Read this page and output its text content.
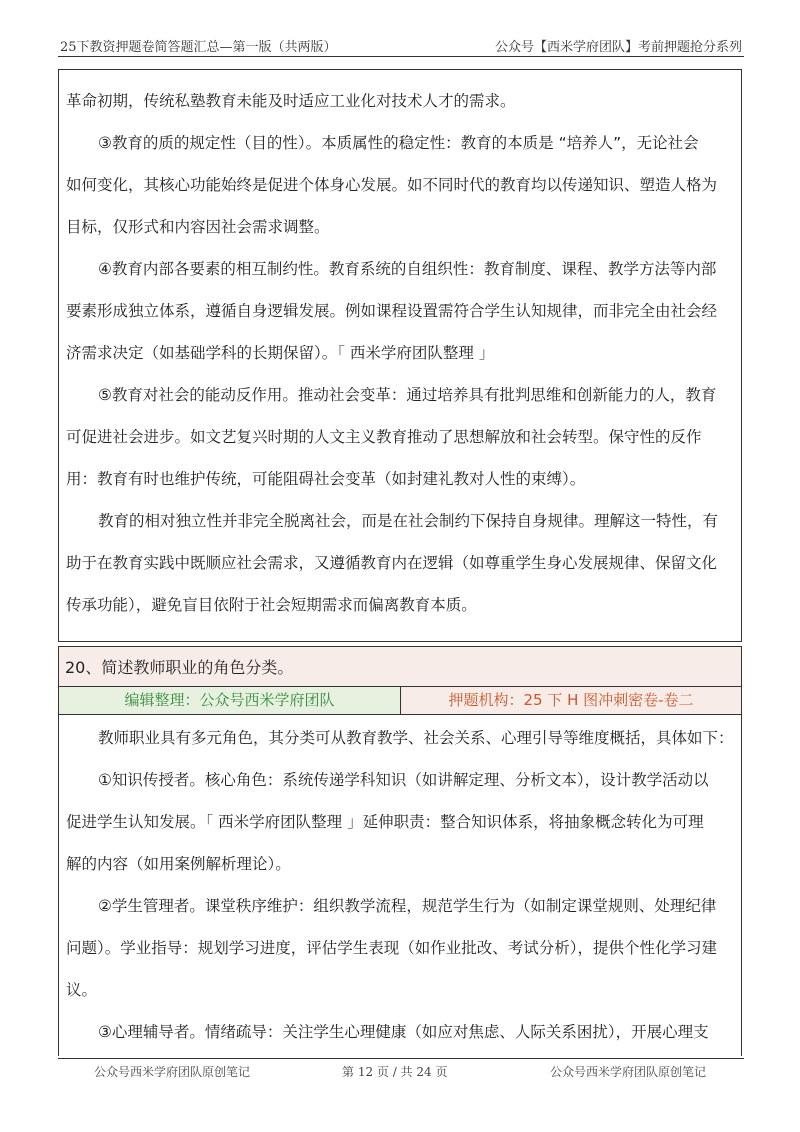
25下教资押题卷简答题汇总—第一版（共两版）	公众号【西米学府团队】考前押题抢分系列
革命初期，传统私塾教育未能及时适应工业化对技术人才的需求。
③教育的质的规定性（目的性）。本质属性的稳定性：教育的本质是 “培养人”，无论社会
如何变化，其核心功能始终是促进个体身心发展。如不同时代的教育均以传递知识、塑造人格为
目标，仅形式和内容因社会需求调整。
④教育内部各要素的相互制约性。教育系统的自组织性：教育制度、课程、教学方法等内部
要素形成独立体系，遵循自身逻辑发展。例如课程设置需符合学生认知规律，而非完全由社会经
济需求决定（如基础学科的长期保留）。「 西米学府团队整理 」
⑤教育对社会的能动反作用。推动社会变革：通过培养具有批判思维和创新能力的人，教育
可促进社会进步。如文艺复兴时期的人文主义教育推动了思想解放和社会转型。保守性的反作
用：教育有时也维护传统，可能阻碍社会变革（如封建礼教对人性的束缚）。
教育的相对独立性并非完全脱离社会，而是在社会制约下保持自身规律。理解这一特性，有
助于在教育实践中既顺应社会需求，又遵循教育内在逻辑（如尊重学生身心发展规律、保留文化
传承功能），避免盲目依附于社会短期需求而偏离教育本质。
20、简述教师职业的角色分类。
编辑整理：公众号西米学府团队	押题机构：25 下 H 图冲刺密卷-卷二
教师职业具有多元角色，其分类可从教育教学、社会关系、心理引导等维度概括，具体如下：
①知识传授者。核心角色：系统传递学科知识（如讲解定理、分析文本），设计教学活动以
促进学生认知发展。「 西米学府团队整理 」延伸职责：整合知识体系，将抽象概念转化为可理
解的内容（如用案例解析理论）。
②学生管理者。课堂秩序维护：组织教学流程，规范学生行为（如制定课堂规则、处理纪律
问题）。学业指导：规划学习进度，评估学生表现（如作业批改、考试分析），提供个性化学习建
议。
③心理辅导者。情绪疏导：关注学生心理健康（如应对焦虑、人际关系困扰），开展心理支
公众号西米学府团队原创笔记	第 12 页 / 共 24 页	公众号西米学府团队原创笔记
